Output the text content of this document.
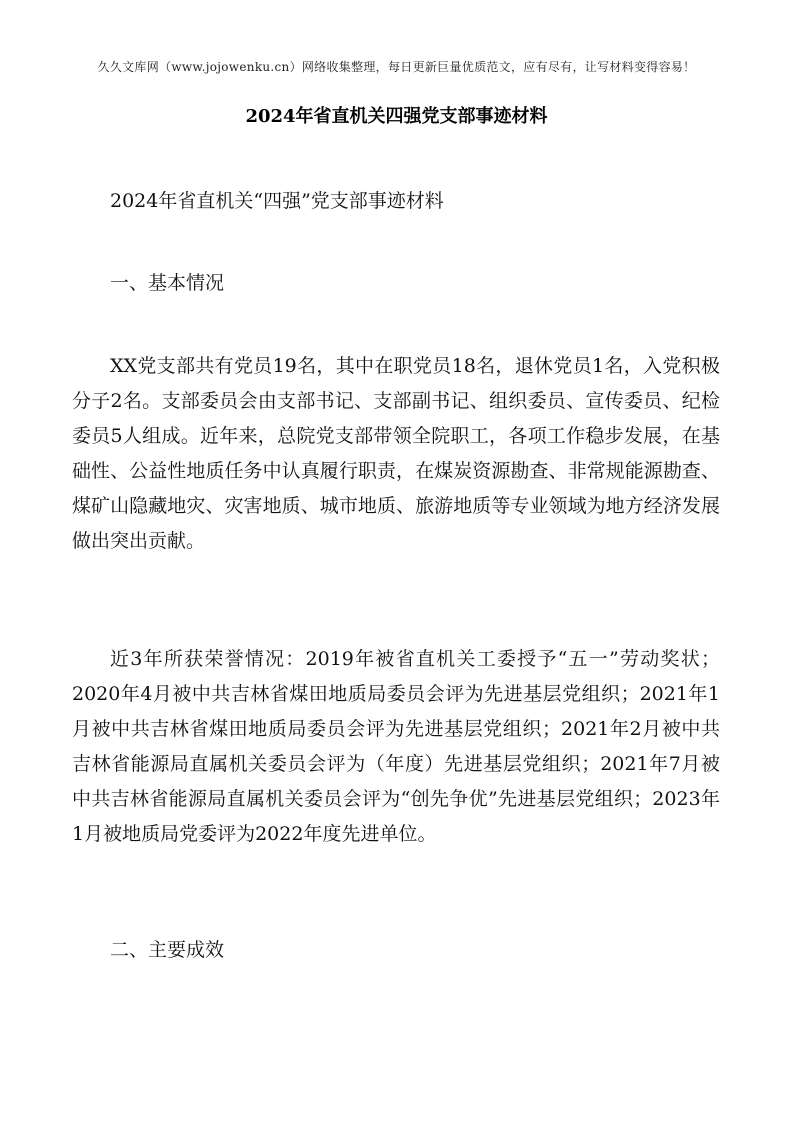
久久文库网（www.jojowenku.cn）网络收集整理，每日更新巨量优质范文，应有尽有，让写材料变得容易！
2024年省直机关四强党支部事迹材料

2024年省直机关“四强”党支部事迹材料

一、基本情况

XX党支部共有党员19名，其中在职党员18名，退休党员1名，入党积极分子2名。支部委员会由支部书记、支部副书记、组织委员、宣传委员、纪检委员5人组成。近年来，总院党支部带领全院职工，各项工作稳步发展，在基础性、公益性地质任务中认真履行职责，在煤炭资源勘查、非常规能源勘查、煤矿山隐藏地灾、灾害地质、城市地质、旅游地质等专业领域为地方经济发展做出突出贡献。

近3年所获荣誉情况：2019年被省直机关工委授予“五一”劳动奖状；2020年4月被中共吉林省煤田地质局委员会评为先进基层党组织；2021年1月被中共吉林省煤田地质局委员会评为先进基层党组织；2021年2月被中共吉林省能源局直属机关委员会评为（年度）先进基层党组织；2021年7月被中共吉林省能源局直属机关委员会评为“创先争优”先进基层党组织；2023年1月被地质局党委评为2022年度先进单位。

二、主要成效
